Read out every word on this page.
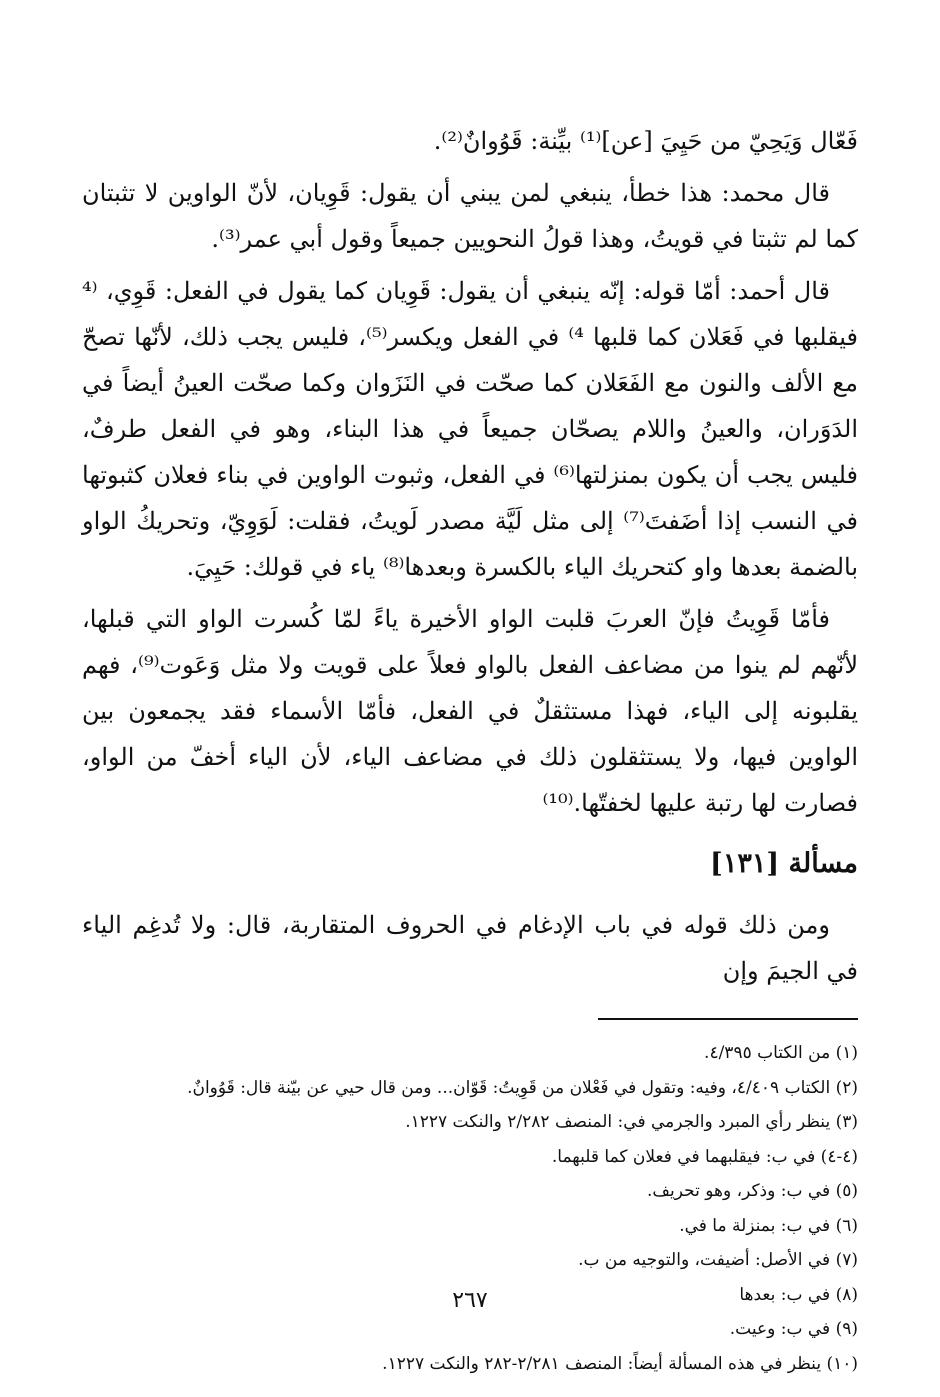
فَعّال وَيَحِيّ من حَيِيَ [عن]⁽¹⁾ بيِّنة: قَوُوانٌ⁽²⁾.

قال محمد: هذا خطأ، ينبغي لمن يبني أن يقول: قَوِيان، لأنّ الواوين لا تثبتان كما لم تثبتا في قويتُ، وهذا قولُ النحويين جميعاً وقول أبي عمر⁽³⁾.

قال أحمد: أمّا قوله: إنّه ينبغي أن يقول: قَوِيان كما يقول في الفعل: قَوِي، ⁽⁴ فيقلبها في فَعَلان كما قلبها ⁴⁾ في الفعل ويكسر⁽⁵⁾، فليس يجب ذلك، لأنّها تصحّ مع الألف والنون مع الفَعَلان كما صحّت في النَزَوان وكما صحّت العينُ أيضاً في الدَوَران، والعينُ واللام يصحّان جميعاً في هذا البناء، وهو في الفعل طرفٌ، فليس يجب أن يكون بمنزلتها⁽⁶⁾ في الفعل، وثبوت الواوين في بناء فعلان كثبوتها في النسب إذا أضَفتَ⁽⁷⁾ إلى مثل لَيَّة مصدر لَويتُ، فقلت: لَوَوِيّ، وتحريكُ الواو بالضمة بعدها واو كتحريك الياء بالكسرة وبعدها⁽⁸⁾ ياء في قولك: حَيِيَ.

فأمّا قَوِيتُ فإنّ العربَ قلبت الواو الأخيرة ياءً لمّا كُسرت الواو التي قبلها، لأنّهم لم ينوا من مضاعف الفعل بالواو فعلاً على قويت ولا مثل وَعَوت⁽⁹⁾، فهم يقلبونه إلى الياء، فهذا مستثقلٌ في الفعل، فأمّا الأسماء فقد يجمعون بين الواوين فيها، ولا يستثقلون ذلك في مضاعف الياء، لأن الياء أخفّ من الواو، فصارت لها رتبة عليها لخفتّها.⁽¹⁰⁾

مسألة [١٣١]

ومن ذلك قوله في باب الإدغام في الحروف المتقاربة، قال: ولا تُدغِم الياء في الجيمَ وإن

(١) من الكتاب ٤/٣٩٥.

(٢) الكتاب ٤/٤٠٩، وفيه: وتقول في فَعْلان من قَوِيتُ: قَوّان... ومن قال حيي عن بيّنة قال: قَوُوانٌ.

(٣) ينظر رأي المبرد والجرمي في: المنصف ٢/٢٨٢ والنكت ١٢٢٧.

(٤-٤) في ب: فيقلبهما في فعلان كما قلبهما.

(٥) في ب: وذكر، وهو تحريف.

(٦) في ب: بمنزلة ما في.

(٧) في الأصل: أضيفت، والتوجيه من ب.

(٨) في ب: بعدها

(٩) في ب: وعيت.

(١٠) ينظر في هذه المسألة أيضاً: المنصف ٢/٢٨١-٢٨٢ والنكت ١٢٢٧.

٢٦٧
